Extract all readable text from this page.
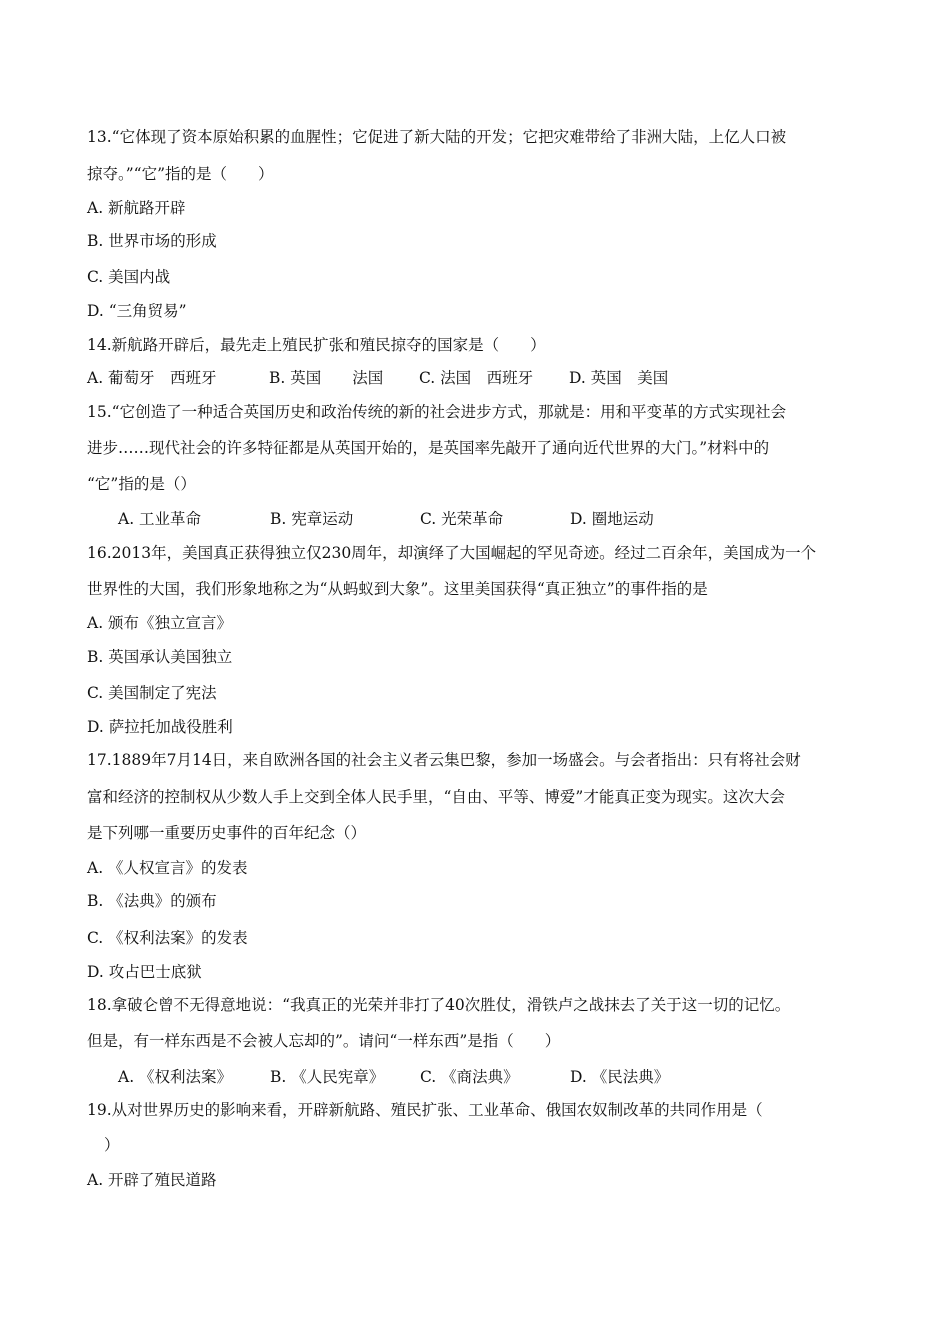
13.“它体现了资本原始积累的血腥性；它促进了新大陆的开发；它把灾难带给了非洲大陆，上亿人口被
掠夺。”“它”指的是（　　）
A. 新航路开辟
B. 世界市场的形成
C. 美国内战
D. “三角贸易”
14.新航路开辟后，最先走上殖民扩张和殖民掠夺的国家是（　　）
A. 葡萄牙　西班牙	B. 英国　　法国 C. 法国　西班牙 D. 英国　美国
15.“它创造了一种适合英国历史和政治传统的新的社会进步方式，那就是：用和平变革的方式实现社会
进步……现代社会的许多特征都是从英国开始的，是英国率先敲开了通向近代世界的大门。”材料中的
“它”指的是（）
A. 工业革命	B. 宪章运动	C. 光荣革命	D. 圈地运动
16.2013年，美国真正获得独立仅230周年，却演绎了大国崛起的罕见奇迹。经过二百余年，美国成为一个
世界性的大国，我们形象地称之为“从蚂蚁到大象”。这里美国获得“真正独立”的事件指的是
A. 颁布《独立宣言》
B. 英国承认美国独立
C. 美国制定了宪法
D. 萨拉托加战役胜利
17.1889年7月14日，来自欧洲各国的社会主义者云集巴黎，参加一场盛会。与会者指出：只有将社会财
富和经济的控制权从少数人手上交到全体人民手里，“自由、平等、博爱”才能真正变为现实。这次大会
是下列哪一重要历史事件的百年纪念（）
A. 《人权宣言》的发表
B. 《法典》的颁布
C. 《权利法案》的发表
D. 攻占巴士底狱
18.拿破仑曾不无得意地说：“我真正的光荣并非打了40次胜仗，滑铁卢之战抹去了关于这一切的记忆。
但是，有一样东西是不会被人忘却的”。请问“一样东西”是指（　　）
A. 《权利法案》 B. 《人民宪章》 C. 《商法典》	D. 《民法典》
19.从对世界历史的影响来看，开辟新航路、殖民扩张、工业革命、俄国农奴制改革的共同作用是（
）
A. 开辟了殖民道路
